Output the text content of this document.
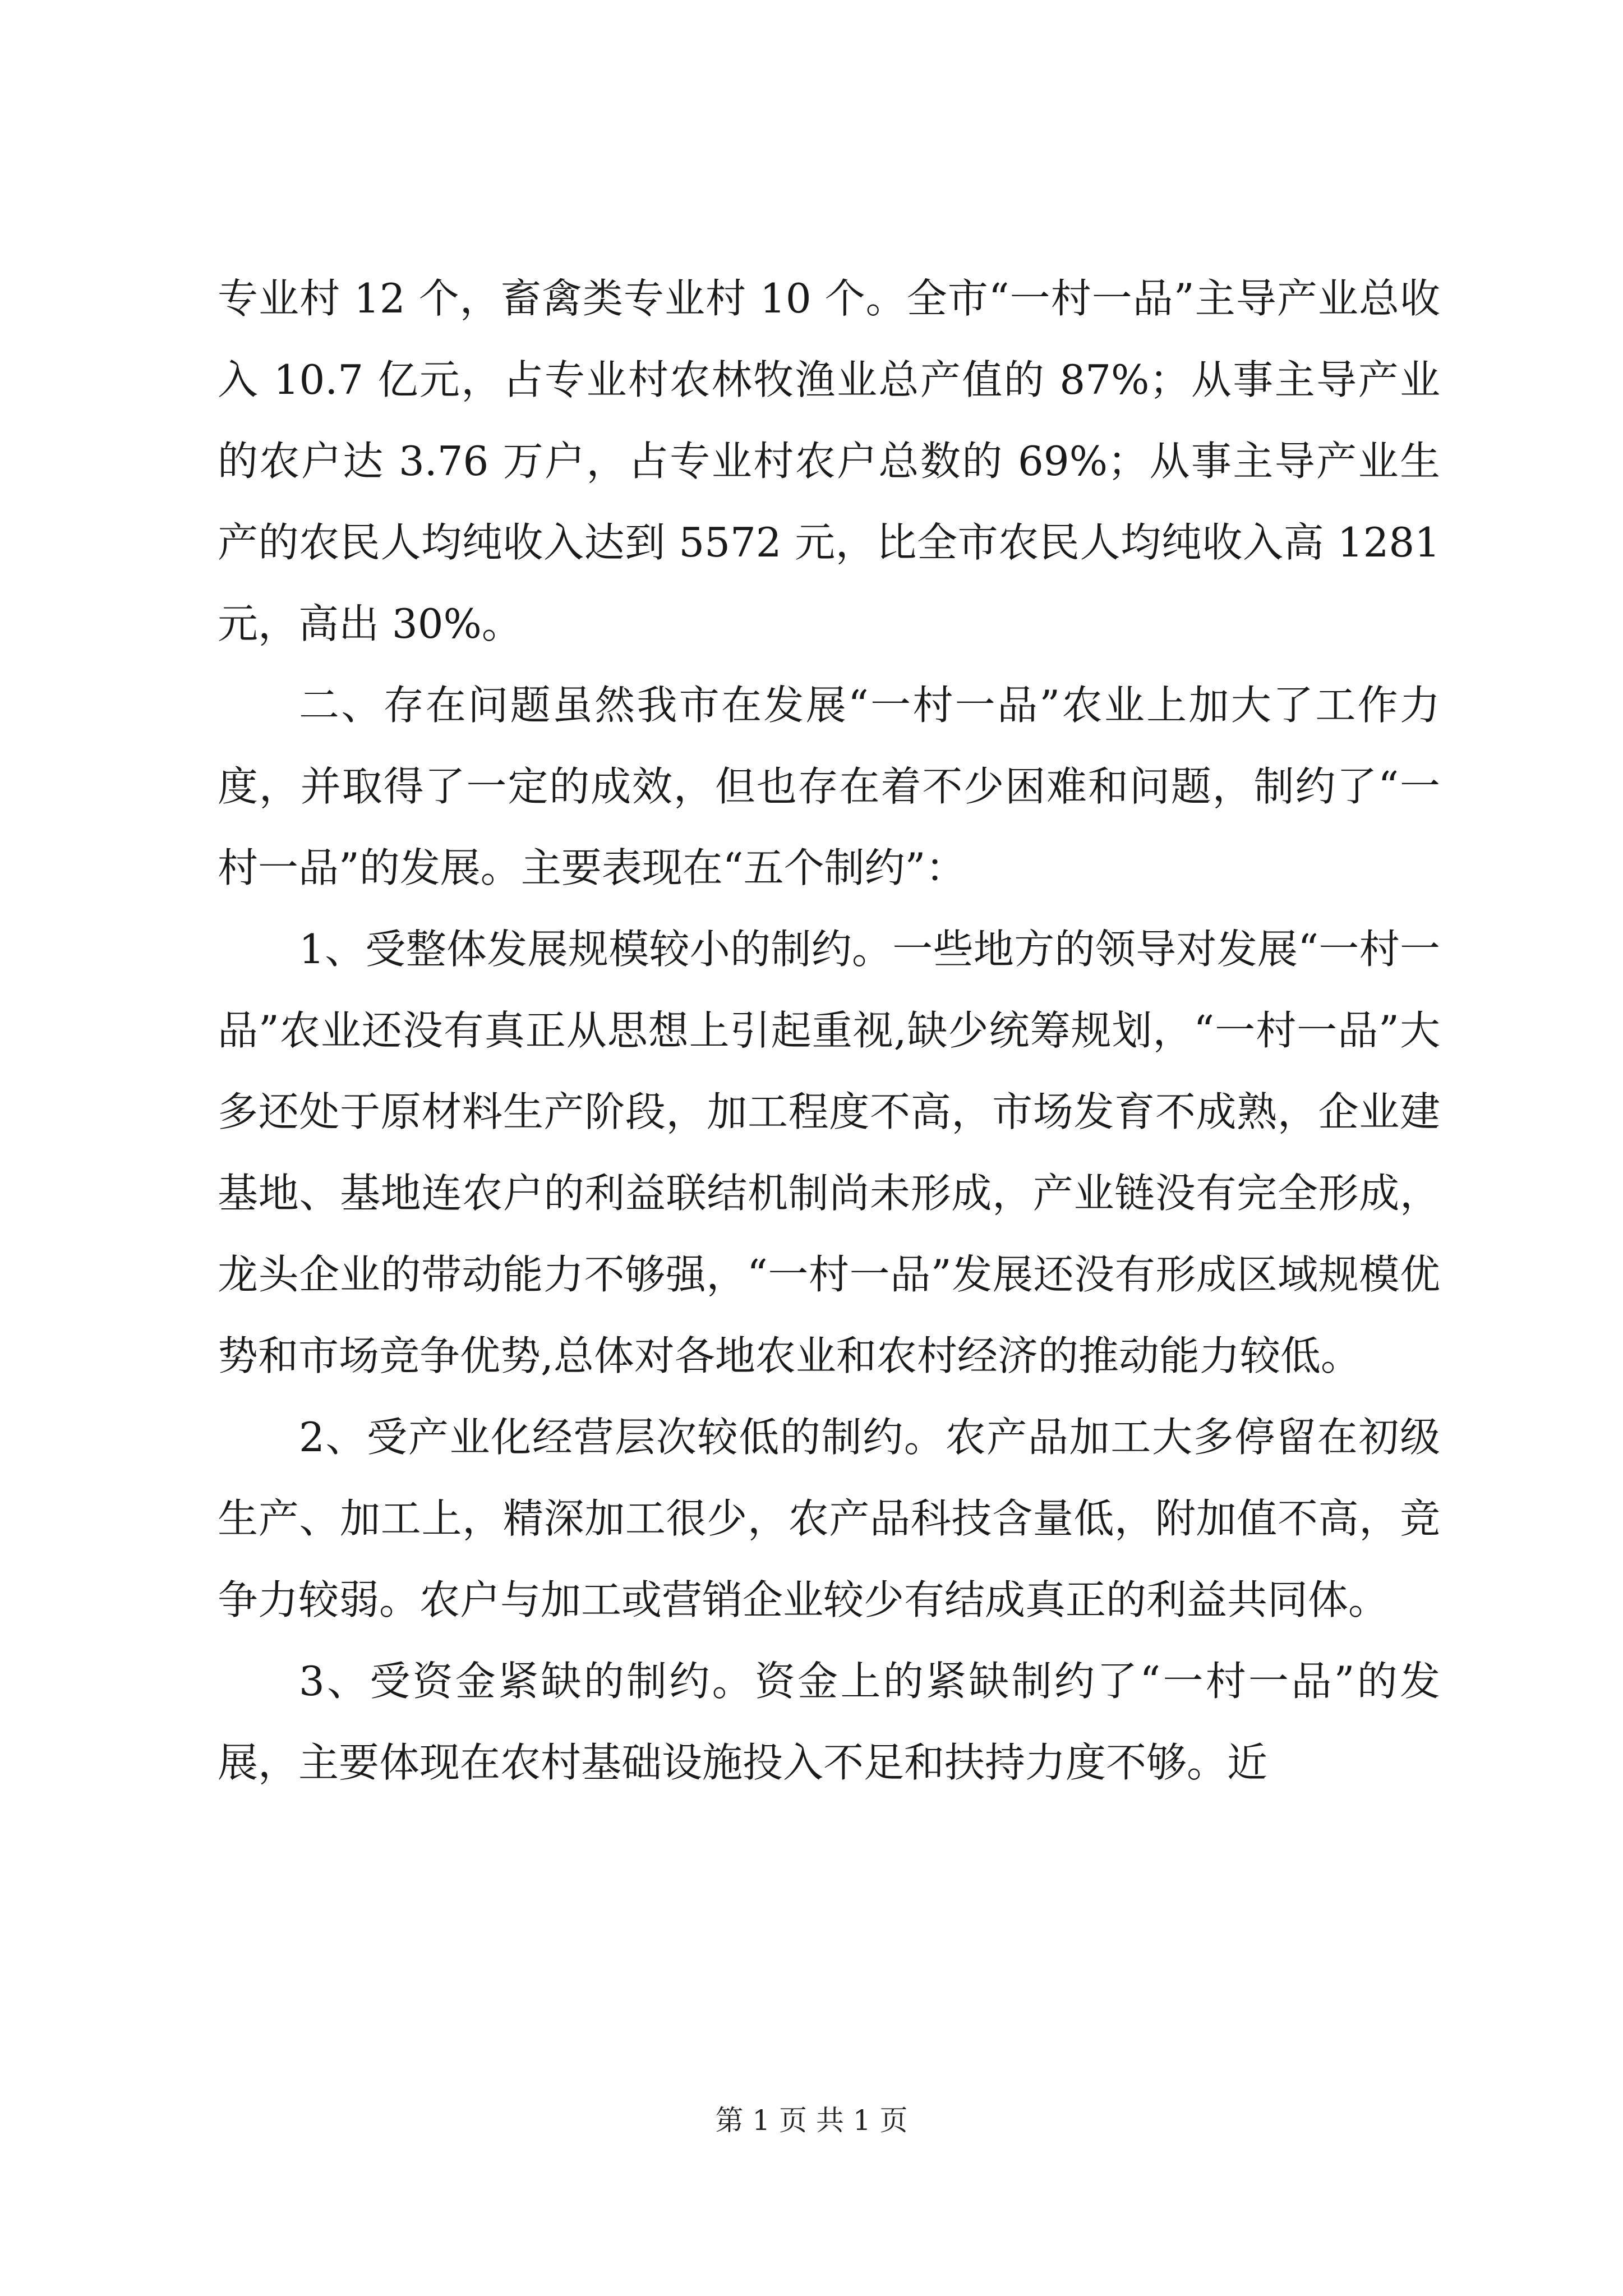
专业村 12 个，畜禽类专业村 10 个。全市“一村一品”主导产业总收入 10.7 亿元，占专业村农林牧渔业总产值的 87%；从事主导产业的农户达 3.76 万户，占专业村农户总数的 69%；从事主导产业生产的农民人均纯收入达到 5572 元，比全市农民人均纯收入高 1281 元，高出 30%。

二、存在问题虽然我市在发展“一村一品”农业上加大了工作力度，并取得了一定的成效，但也存在着不少困难和问题，制约了“一村一品”的发展。主要表现在“五个制约”：

1、受整体发展规模较小的制约。一些地方的领导对发展“一村一品”农业还没有真正从思想上引起重视,缺少统筹规划，“一村一品”大多还处于原材料生产阶段，加工程度不高，市场发育不成熟，企业建基地、基地连农户的利益联结机制尚未形成，产业链没有完全形成，龙头企业的带动能力不够强，“一村一品”发展还没有形成区域规模优势和市场竞争优势,总体对各地农业和农村经济的推动能力较低。

2、受产业化经营层次较低的制约。农产品加工大多停留在初级生产、加工上，精深加工很少，农产品科技含量低，附加值不高，竞争力较弱。农户与加工或营销企业较少有结成真正的利益共同体。

3、受资金紧缺的制约。资金上的紧缺制约了“一村一品”的发展，主要体现在农村基础设施投入不足和扶持力度不够。近

第 1 页 共 1 页
